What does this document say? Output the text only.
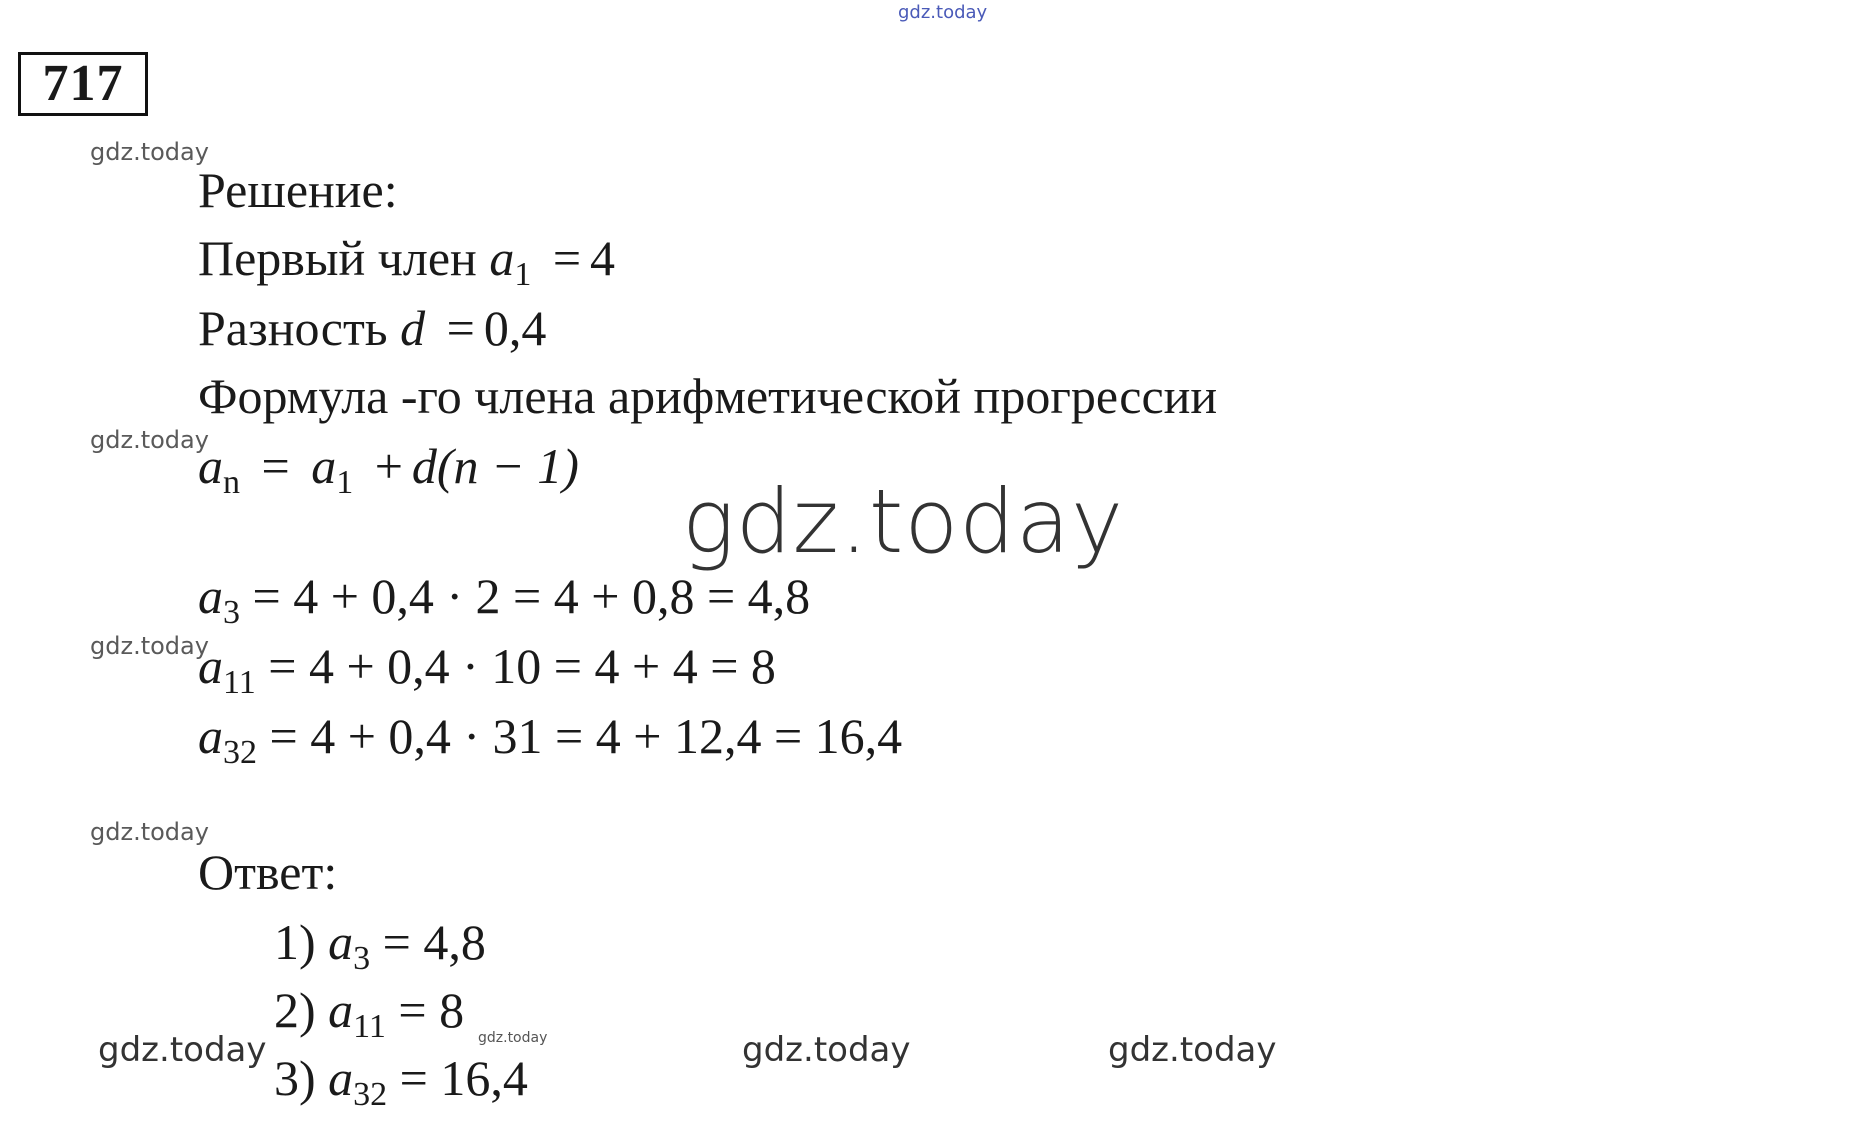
gdz.today
gdz.today
gdz.today
gdz.today
gdz.today
717
Решение:
Первый член $a_1 = 4$
Разность d = 0,4
Формула -го члена арифметической прогрессии
$a_n = a_1 + d(n - 1)$
gdz.today
$a_3 = 4 + 0,4 \cdot 2 = 4 + 0,8 = 4,8$
$a_{11} = 4 + 0,4 \cdot 10 = 4 + 4 = 8$
$a_{32} = 4 + 0,4 \cdot 31 = 4 + 12,4 = 16,4$
Ответ:
1) $a_3 = 4,8$
2) $a_{11} = 8$
3) $a_{32} = 16,4$
gdz.today	gdz.today	gdz.today	gdz.today
